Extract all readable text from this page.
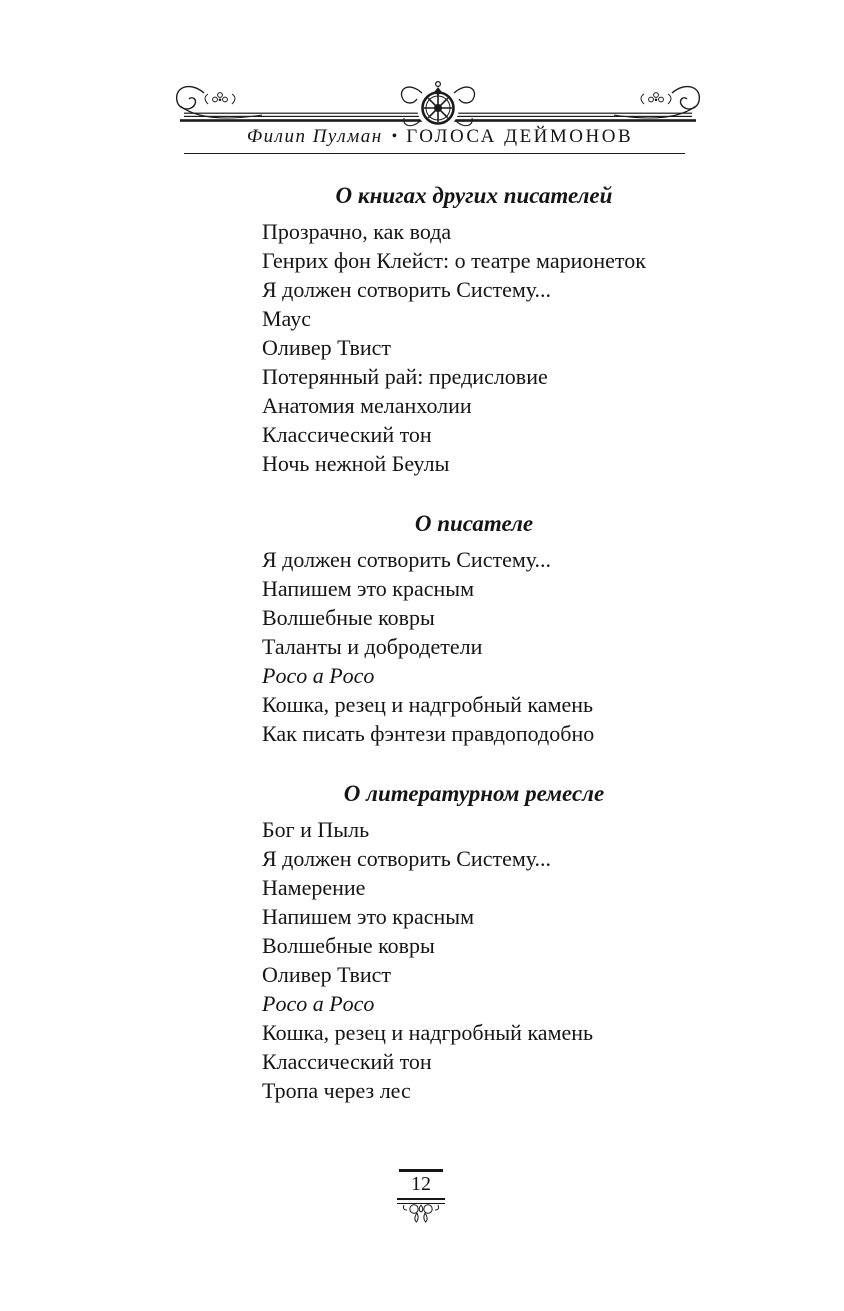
Филип Пулман • ГОЛОСА ДЕЙМОНОВ
О книгах других писателей
Прозрачно, как вода
Генрих фон Клейст: о театре марионеток
Я должен сотворить Систему...
Маус
Оливер Твист
Потерянный рай: предисловие
Анатомия меланхолии
Классический тон
Ночь нежной Беулы
О писателе
Я должен сотворить Систему...
Напишем это красным
Волшебные ковры
Таланты и добродетели
Poco a Poco
Кошка, резец и надгробный камень
Как писать фэнтези правдоподобно
О литературном ремесле
Бог и Пыль
Я должен сотворить Систему...
Намерение
Напишем это красным
Волшебные ковры
Оливер Твист
Poco a Poco
Кошка, резец и надгробный камень
Классический тон
Тропа через лес
12
